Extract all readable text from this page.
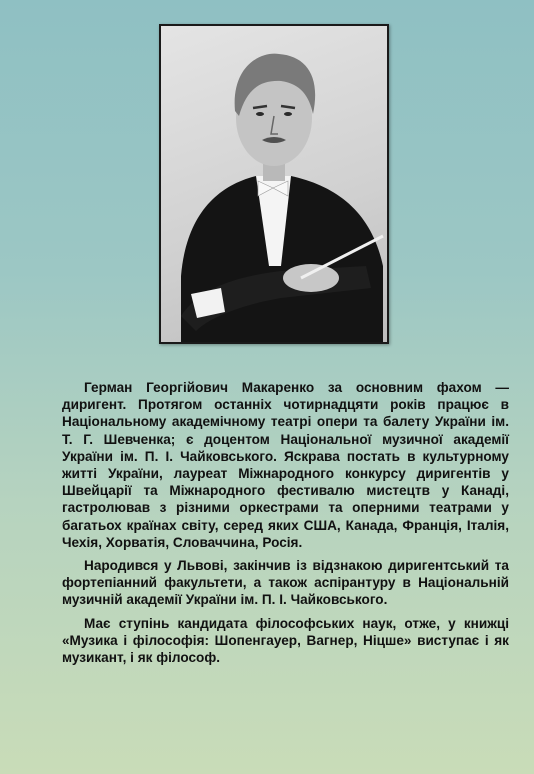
Герман Георгійович Макаренко за основним фахом — диригент. Протягом останніх чотирнадцяти років працює в Національному академічному театрі опери та балету України ім. Т. Г. Шевченка; є доцентом Національної музичної академії України ім. П. І. Чайковського. Яскрава постать в культурному житті України, лауреат Міжнародного конкурсу диригентів у Швейцарії та Міжнародного фестивалю мистецтв у Канаді, гастролював з різними оркестрами та оперними театрами у багатьох країнах світу, серед яких США, Канада, Франція, Італія, Чехія, Хорватія, Словаччина, Росія.

Народився у Львові, закінчив із відзнакою диригентський та фортепіанний факультети, а також аспірантуру в Національній музичній академії України ім. П. І. Чайковського.

Має ступінь кандидата філософських наук, отже, у книжці «Музика і філософія: Шопенгауер, Вагнер, Ніцше» виступає і як музикант, і як філософ.
